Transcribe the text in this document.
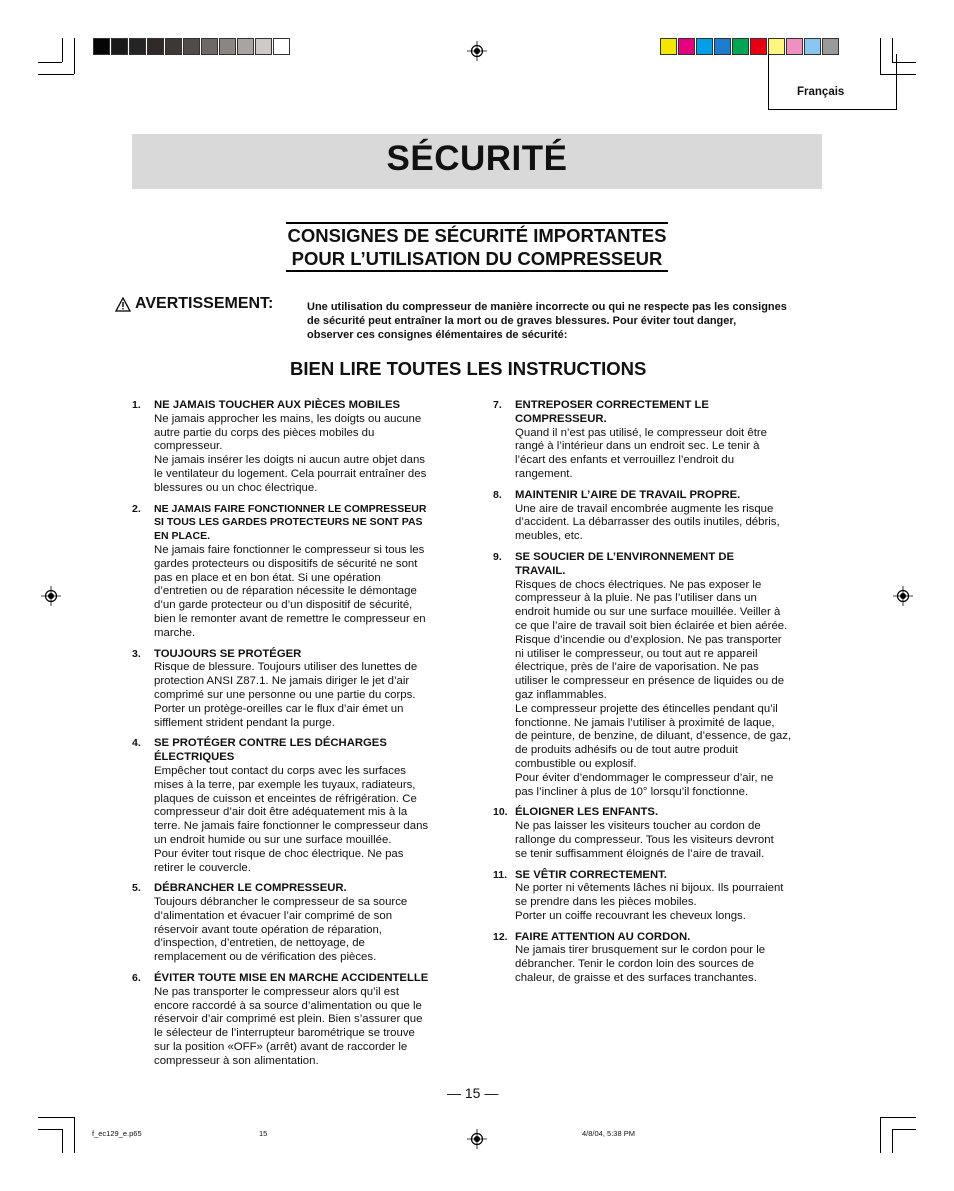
Français
SÉCURITÉ
CONSIGNES DE SÉCURITÉ IMPORTANTES
POUR L’UTILISATION DU COMPRESSEUR
AVERTISSEMENT:	Une utilisation du compresseur de manière incorrecte ou qui ne respecte pas les consignes
de sécurité peut entraîner la mort ou de graves blessures. Pour éviter tout danger,
observer ces consignes élémentaires de sécurité:
BIEN LIRE TOUTES LES INSTRUCTIONS
1. NE JAMAIS TOUCHER AUX PIÈCES MOBILES
Ne jamais approcher les mains, les doigts ou aucune
autre partie du corps des pièces mobiles du
compresseur.
Ne jamais insérer les doigts ni aucun autre objet dans
le ventilateur du logement. Cela pourrait entraîner des
blessures ou un choc électrique.
2. NE JAMAIS FAIRE FONCTIONNER LE COMPRESSEUR
SI TOUS LES GARDES PROTECTEURS NE SONT PAS
EN PLACE.
Ne jamais faire fonctionner le compresseur si tous les
gardes protecteurs ou dispositifs de sécurité ne sont
pas en place et en bon état. Si une opération
d’entretien ou de réparation nécessite le démontage
d’un garde protecteur ou d’un dispositif de sécurité,
bien le remonter avant de remettre le compresseur en
marche.
3. TOUJOURS SE PROTÉGER
Risque de blessure. Toujours utiliser des lunettes de
protection ANSI Z87.1. Ne jamais diriger le jet d’air
comprimé sur une personne ou une partie du corps.
Porter un protège-oreilles car le flux d’air émet un
sifflement strident pendant la purge.
4. SE PROTÉGER CONTRE LES DÉCHARGES
ÉLECTRIQUES
Empêcher tout contact du corps avec les surfaces
mises à la terre, par exemple les tuyaux, radiateurs,
plaques de cuisson et enceintes de réfrigération. Ce
compresseur d’air doit être adéquatement mis à la
terre. Ne jamais faire fonctionner le compresseur dans
un endroit humide ou sur une surface mouillée.
Pour éviter tout risque de choc électrique. Ne pas
retirer le couvercle.
5. DÉBRANCHER LE COMPRESSEUR.
Toujours débrancher le compresseur de sa source
d’alimentation et évacuer l’air comprimé de son
réservoir avant toute opération de réparation,
d’inspection, d’entretien, de nettoyage, de
remplacement ou de vérification des pièces.
6. ÉVITER TOUTE MISE EN MARCHE ACCIDENTELLE
Ne pas transporter le compresseur alors qu’il est
encore raccordé à sa source d’alimentation ou que le
réservoir d’air comprimé est plein. Bien s’assurer que
le sélecteur de l’interrupteur barométrique se trouve
sur la position «OFF» (arrêt) avant de raccorder le
compresseur à son alimentation.
7. ENTREPOSER CORRECTEMENT LE
COMPRESSEUR.
Quand il n’est pas utilisé, le compresseur doit être
rangé à l’intérieur dans un endroit sec. Le tenir à
l’écart des enfants et verrouillez l’endroit du
rangement.
8. MAINTENIR L’AIRE DE TRAVAIL PROPRE.
Une aire de travail encombrée augmente les risque
d’accident. La débarrasser des outils inutiles, débris,
meubles, etc.
9. SE SOUCIER DE L’ENVIRONNEMENT DE
TRAVAIL.
Risques de chocs électriques. Ne pas exposer le
compresseur à la pluie. Ne pas l’utiliser dans un
endroit humide ou sur une surface mouillée. Veiller à
ce que l’aire de travail soit bien éclairée et bien aérée.
Risque d’incendie ou d’explosion. Ne pas transporter
ni utiliser le compresseur, ou tout aut re appareil
électrique, près de l’aire de vaporisation. Ne pas
utiliser le compresseur en présence de liquides ou de
gaz inflammables.
Le compresseur projette des étincelles pendant qu’il
fonctionne. Ne jamais l’utiliser à proximité de laque,
de peinture, de benzine, de diluant, d’essence, de gaz,
de produits adhésifs ou de tout autre produit
combustible ou explosif.
Pour éviter d’endommager le compresseur d’air, ne
pas l’incliner à plus de 10° lorsqu’il fonctionne.
10. ÉLOIGNER LES ENFANTS.
Ne pas laisser les visiteurs toucher au cordon de
rallonge du compresseur. Tous les visiteurs devront
se tenir suffisamment éloignés de l’aire de travail.
11. SE VÊTIR CORRECTEMENT.
Ne porter ni vêtements lâches ni bijoux. Ils pourraient
se prendre dans les pièces mobiles.
Porter un coiffe recouvrant les cheveux longs.
12. FAIRE ATTENTION AU CORDON.
Ne jamais tirer brusquement sur le cordon pour le
débrancher. Tenir le cordon loin des sources de
chaleur, de graisse et des surfaces tranchantes.
— 15 —
f_ec129_e.p65	15	4/8/04, 5:38 PM
